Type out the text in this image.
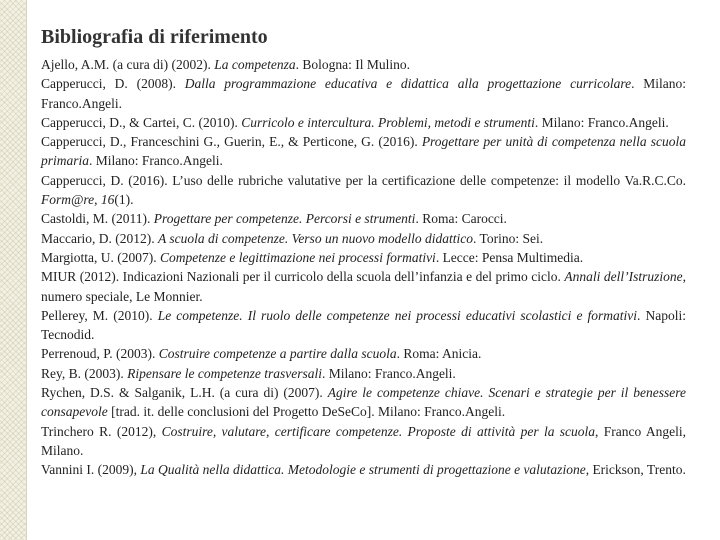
Bibliografia di riferimento

Ajello, A.M. (a cura di) (2002). La competenza. Bologna: Il Mulino.

Capperucci, D. (2008). Dalla programmazione educativa e didattica alla progettazione curricolare. Milano: Franco.Angeli.

Capperucci, D., & Cartei, C. (2010). Curricolo e intercultura. Problemi, metodi e strumenti. Milano: Franco.Angeli.

Capperucci, D., Franceschini G., Guerin, E., & Perticone, G. (2016). Progettare per unità di competenza nella scuola primaria. Milano: Franco.Angeli.

Capperucci, D. (2016). L’uso delle rubriche valutative per la certificazione delle competenze: il modello Va.R.C.Co. Form@re, 16(1).

Castoldi, M. (2011). Progettare per competenze. Percorsi e strumenti. Roma: Carocci.

Maccario, D. (2012). A scuola di competenze. Verso un nuovo modello didattico. Torino: Sei.

Margiotta, U. (2007). Competenze e legittimazione nei processi formativi. Lecce: Pensa Multimedia.

MIUR (2012). Indicazioni Nazionali per il curricolo della scuola dell’infanzia e del primo ciclo. Annali dell’Istruzione, numero speciale, Le Monnier.

Pellerey, M. (2010). Le competenze. Il ruolo delle competenze nei processi educativi scolastici e formativi. Napoli: Tecnodid.

Perrenoud, P. (2003). Costruire competenze a partire dalla scuola. Roma: Anicia.

Rey, B. (2003). Ripensare le competenze trasversali. Milano: Franco.Angeli.

Rychen, D.S. & Salganik, L.H. (a cura di) (2007). Agire le competenze chiave. Scenari e strategie per il benessere consapevole [trad. it. delle conclusioni del Progetto DeSeCo]. Milano: Franco.Angeli.

Trinchero R. (2012), Costruire, valutare, certificare competenze. Proposte di attività per la scuola, Franco Angeli, Milano.

Vannini I. (2009), La Qualità nella didattica. Metodologie e strumenti di progettazione e valutazione, Erickson, Trento.
